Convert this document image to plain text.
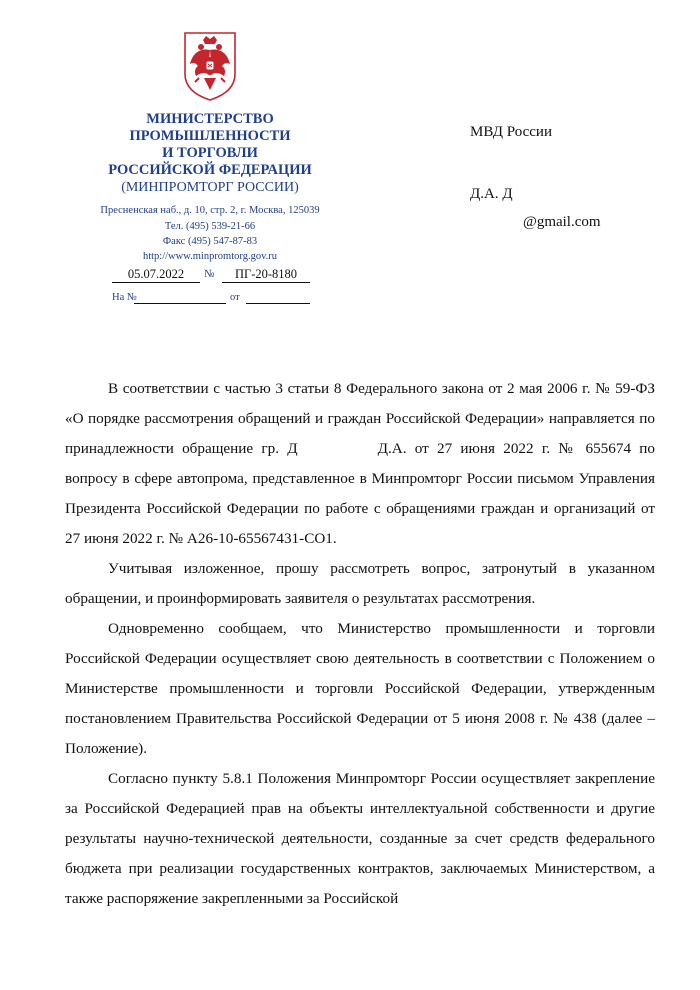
МИНИСТЕРСТВО
ПРОМЫШЛЕННОСТИ
И ТОРГОВЛИ
РОССИЙСКОЙ ФЕДЕРАЦИИ
(МИНПРОМТОРГ РОССИИ)
Пресненская наб., д. 10, стр. 2, г. Москва, 125039
Тел. (495) 539-21-66
Факс (495) 547-87-83
http://www.minpromtorg.gov.ru
05.07.2022	№	ПГ-20-8180
На №	от
МВД России
Д.А. Д
@gmail.com

В соответствии с частью 3 статьи 8 Федерального закона от 2 мая 2006 г. № 59-ФЗ «О порядке рассмотрения обращений и граждан Российской Федерации» направляется по принадлежности обращение гр. Д	Д.А. от 27 июня 2022 г. № 655674 по вопросу в сфере автопрома, представленное в Минпромторг России письмом Управления Президента Российской Федерации по работе с обращениями граждан и организаций от 27 июня 2022 г. № А26-10-65567431-СО1.

Учитывая изложенное, прошу рассмотреть вопрос, затронутый в указанном обращении, и проинформировать заявителя о результатах рассмотрения.

Одновременно сообщаем, что Министерство промышленности и торговли Российской Федерации осуществляет свою деятельность в соответствии с Положением о Министерстве промышленности и торговли Российской Федерации, утвержденным постановлением Правительства Российской Федерации от 5 июня 2008 г. № 438 (далее – Положение).

Согласно пункту 5.8.1 Положения Минпромторг России осуществляет закрепление за Российской Федерацией прав на объекты интеллектуальной собственности и другие результаты научно-технической деятельности, созданные за счет средств федерального бюджета при реализации государственных контрактов, заключаемых Министерством, а также распоряжение закрепленными за Российской
